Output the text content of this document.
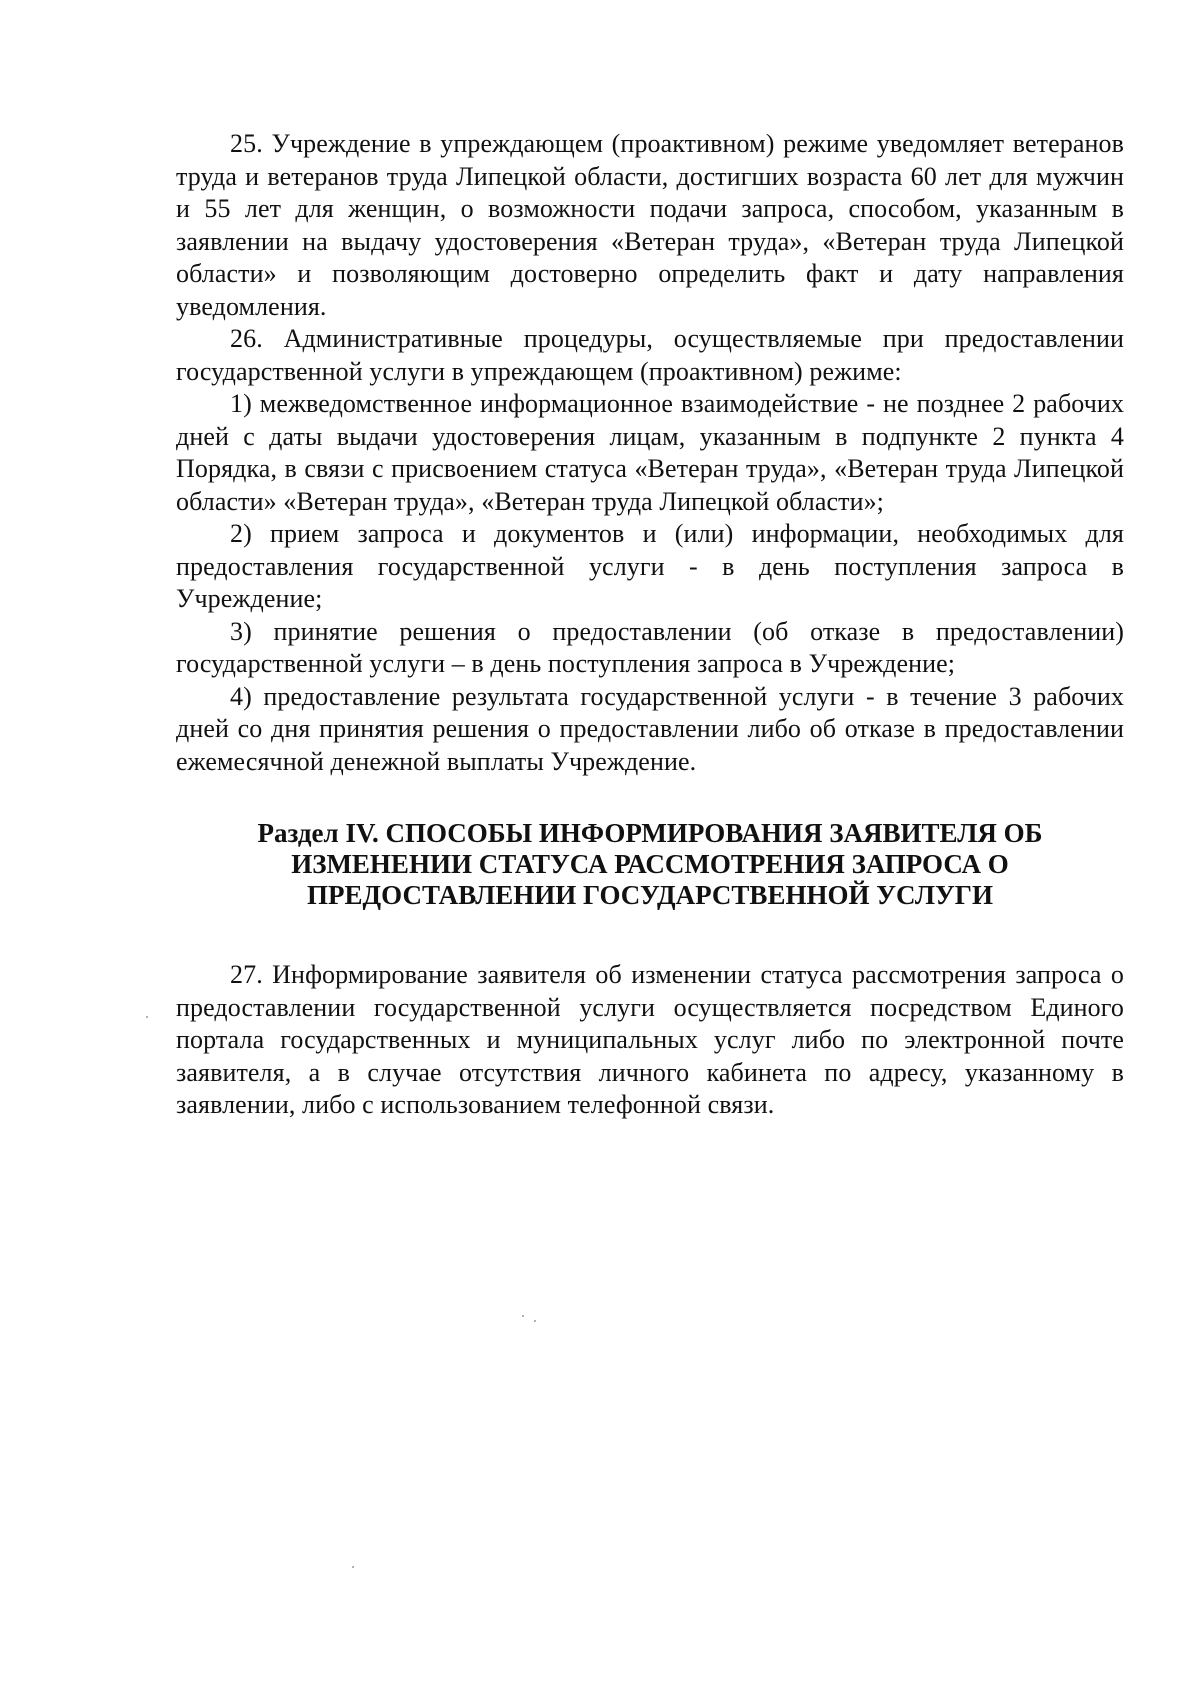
25. Учреждение в упреждающем (проактивном) режиме уведомляет ветеранов труда и ветеранов труда Липецкой области, достигших возраста 60 лет для мужчин и 55 лет для женщин, о возможности подачи запроса, способом, указанным в заявлении на выдачу удостоверения «Ветеран труда», «Ветеран труда Липецкой области» и позволяющим достоверно определить факт и дату направления уведомления.

26. Административные процедуры, осуществляемые при предоставлении государственной услуги в упреждающем (проактивном) режиме:

1) межведомственное информационное взаимодействие - не позднее 2 рабочих дней с даты выдачи удостоверения лицам, указанным в подпункте 2 пункта 4 Порядка, в связи с присвоением статуса «Ветеран труда», «Ветеран труда Липецкой области» «Ветеран труда», «Ветеран труда Липецкой области»;

2) прием запроса и документов и (или) информации, необходимых для предоставления государственной услуги - в день поступления запроса в Учреждение;

3) принятие решения о предоставлении (об отказе в предоставлении) государственной услуги – в день поступления запроса в Учреждение;

4) предоставление результата государственной услуги - в течение 3 рабочих дней со дня принятия решения о предоставлении либо об отказе в предоставлении ежемесячной денежной выплаты Учреждение.

Раздел IV. СПОСОБЫ ИНФОРМИРОВАНИЯ ЗАЯВИТЕЛЯ ОБ
ИЗМЕНЕНИИ СТАТУСА РАССМОТРЕНИЯ ЗАПРОСА О
ПРЕДОСТАВЛЕНИИ ГОСУДАРСТВЕННОЙ УСЛУГИ

27. Информирование заявителя об изменении статуса рассмотрения запроса о предоставлении государственной услуги осуществляется посредством Единого портала государственных и муниципальных услуг либо по электронной почте заявителя, а в случае отсутствия личного кабинета по адресу, указанному в заявлении, либо с использованием телефонной связи.
